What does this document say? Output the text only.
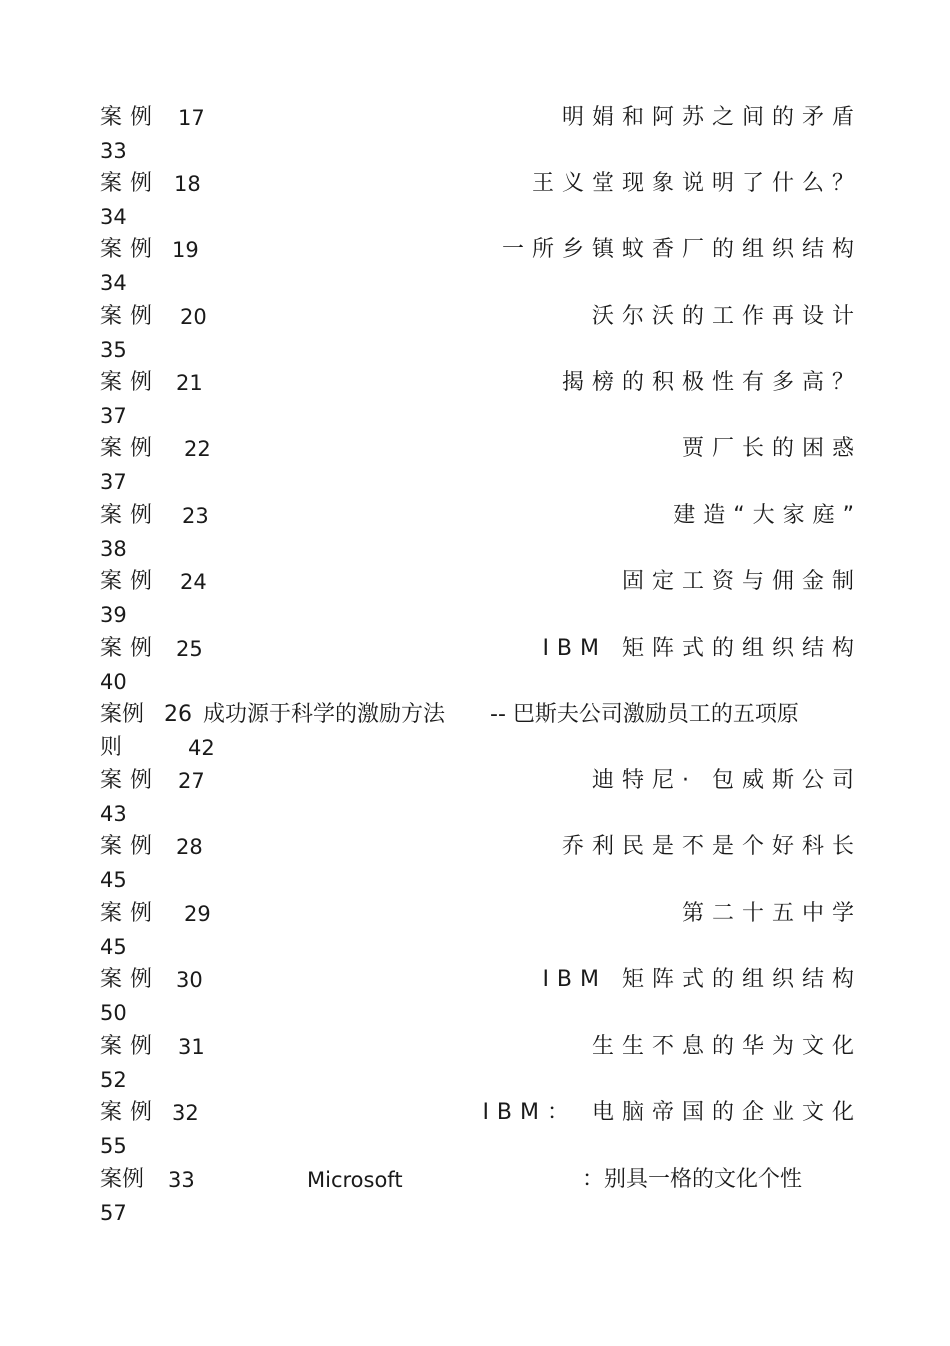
案例 17	明娟和阿苏之间的矛盾
33
案例 18	王义堂现象说明了什么？
34
案例 19	一所乡镇蚊香厂的组织结构
34
案例 20	沃尔沃的工作再设计
35
案例 21	揭榜的积极性有多高？
37
案例 22	贾厂长的困惑
37
案例 23	建造“大家庭”
38
案例 24	固定工资与佣金制
39
案例 25	IBM 矩阵式的组织结构
40
案例 26 成功源于科学的激励方法 -- 巴斯夫公司激励员工的五项原
则	42
案例 27	迪特尼· 包威斯公司
43
案例 28	乔利民是不是个好科长
45
案例 29	第二十五中学
45
案例 30	IBM 矩阵式的组织结构
50
案例 31	生生不息的华为文化
52
案例 32	IBM： 电脑帝国的企业文化
55
案例 33	Microsoft	：别具一格的文化个性
57
